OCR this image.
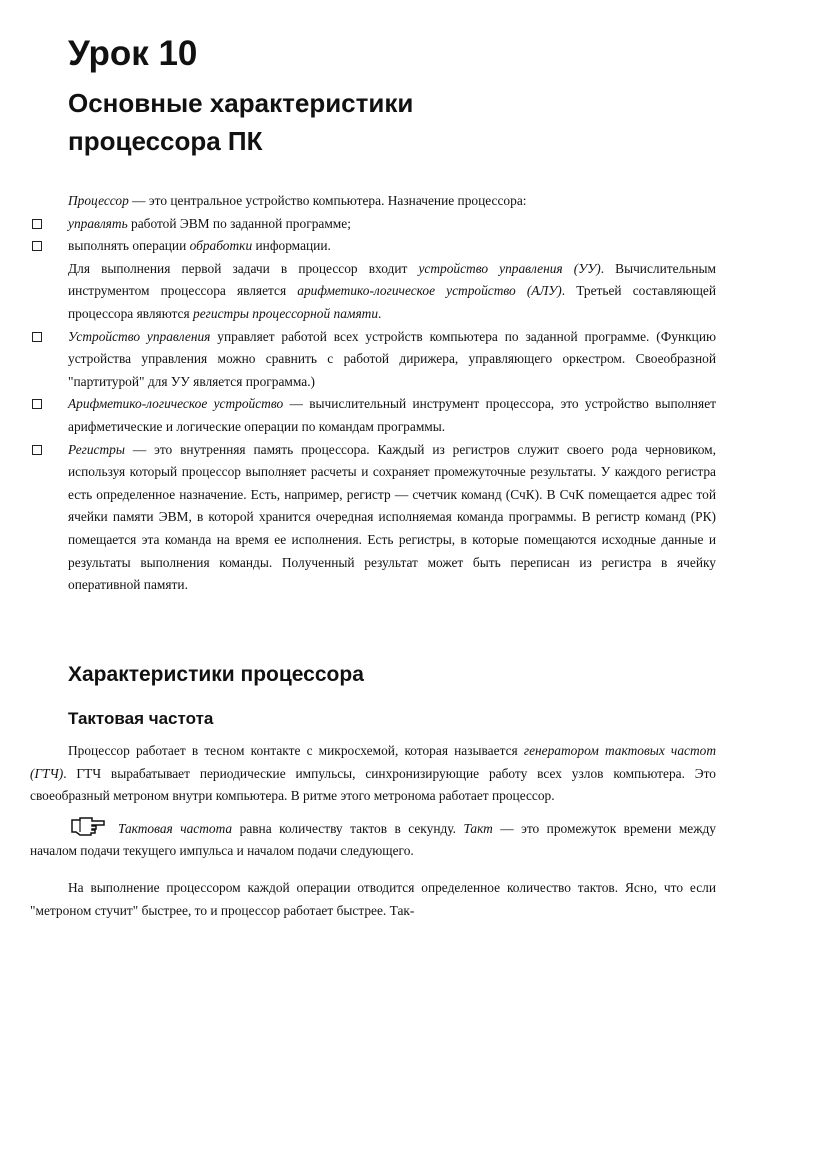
Урок 10
Основные характеристики
процессора ПК

Процессор — это центральное устройство компьютера. Назначение процессора:

управлять работой ЭВМ по заданной программе;

выполнять операции обработки информации.

Для выполнения первой задачи в процессор входит устройство управления (УУ). Вычислительным инструментом процессора является арифметико-логическое устройство (АЛУ). Третьей составляющей процессора являются регистры процессорной памяти.

Устройство управления управляет работой всех устройств компьютера по заданной программе. (Функцию устройства управления можно сравнить с работой дирижера, управляющего оркестром. Своеобразной "партитурой" для УУ является программа.)

Арифметико-логическое устройство — вычислительный инструмент процессора, это устройство выполняет арифметические и логические операции по командам программы.

Регистры — это внутренняя память процессора. Каждый из регистров служит своего рода черновиком, используя который процессор выполняет расчеты и сохраняет промежуточные результаты. У каждого регистра есть определенное назначение. Есть, например, регистр — счетчик команд (СчК). В СчК помещается адрес той ячейки памяти ЭВМ, в которой хранится очередная исполняемая команда программы. В регистр команд (РК) помещается эта команда на время ее исполнения. Есть регистры, в которые помещаются исходные данные и результаты выполнения команды. Полученный результат может быть переписан из регистра в ячейку оперативной памяти.

Характеристики процессора
Тактовая частота

Процессор работает в тесном контакте с микросхемой, которая называется генератором тактовых частот (ГТЧ). ГТЧ вырабатывает периодические импульсы, синхронизирующие работу всех узлов компьютера. Это своеобразный метроном внутри компьютера. В ритме этого метронома работает процессор.

Тактовая частота равна количеству тактов в секунду. Такт — это промежуток времени между началом подачи текущего импульса и началом подачи следующего.

На выполнение процессором каждой операции отводится определенное количество тактов. Ясно, что если "метроном стучит" быстрее, то и процессор работает быстрее. Так-
